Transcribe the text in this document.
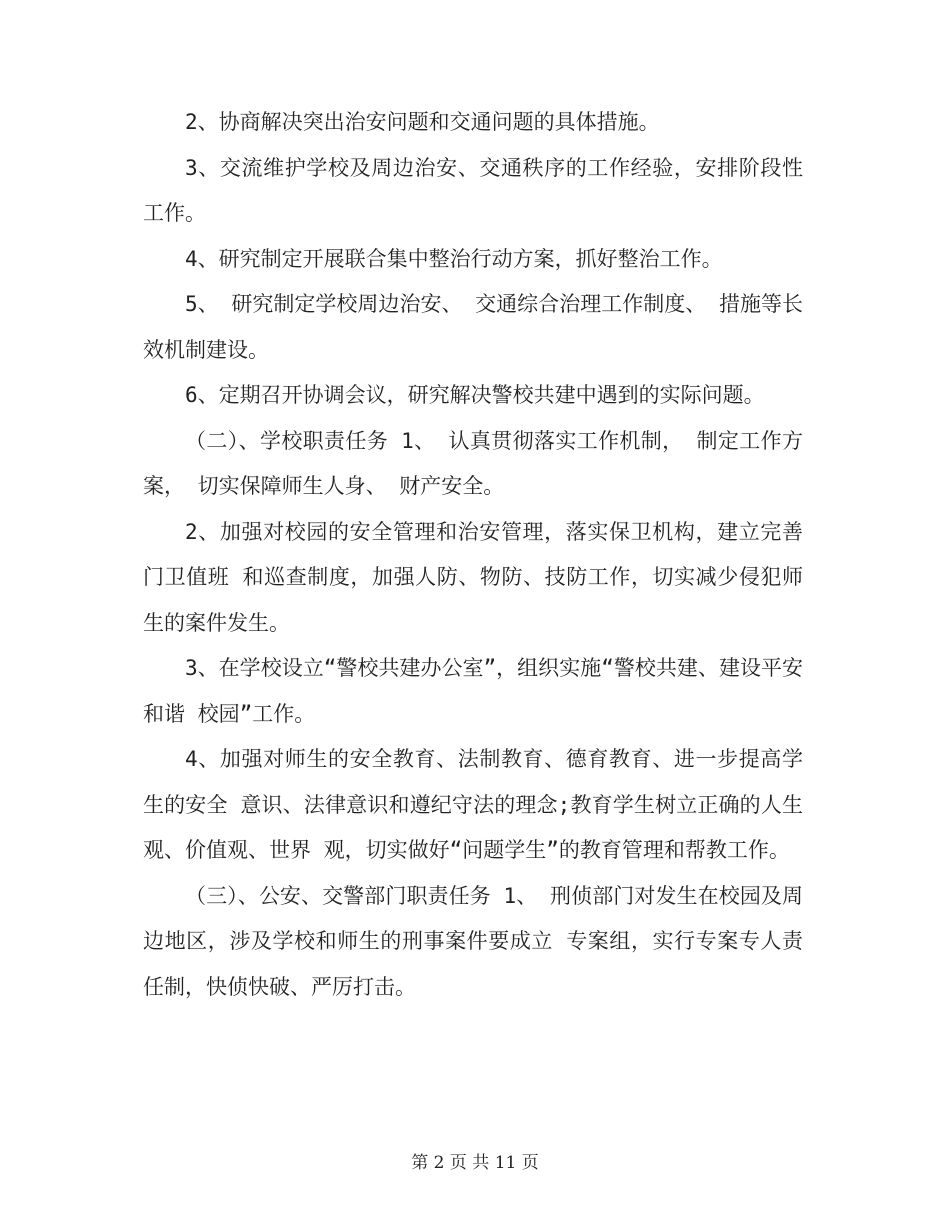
2、协商解决突出治安问题和交通问题的具体措施。

3、交流维护学校及周边治安、交通秩序的工作经验，安排阶段性工作。

4、研究制定开展联合集中整治行动方案，抓好整治工作。

5、 研究制定学校周边治安、 交通综合治理工作制度、 措施等长效机制建设。

6、定期召开协调会议，研究解决警校共建中遇到的实际问题。

（二）、学校职责任务 1、 认真贯彻落实工作机制， 制定工作方案， 切实保障师生人身、 财产安全。

2、加强对校园的安全管理和治安管理，落实保卫机构，建立完善门卫值班 和巡查制度，加强人防、物防、技防工作，切实减少侵犯师生的案件发生。

3、在学校设立“警校共建办公室”，组织实施“警校共建、建设平安和谐 校园”工作。

4、加强对师生的安全教育、法制教育、德育教育、进一步提高学生的安全 意识、法律意识和遵纪守法的理念;教育学生树立正确的人生观、价值观、世界 观，切实做好“问题学生”的教育管理和帮教工作。

（三）、公安、交警部门职责任务 1、 刑侦部门对发生在校园及周边地区，涉及学校和师生的刑事案件要成立 专案组，实行专案专人责任制，快侦快破、严厉打击。

第 2 页 共 11 页
